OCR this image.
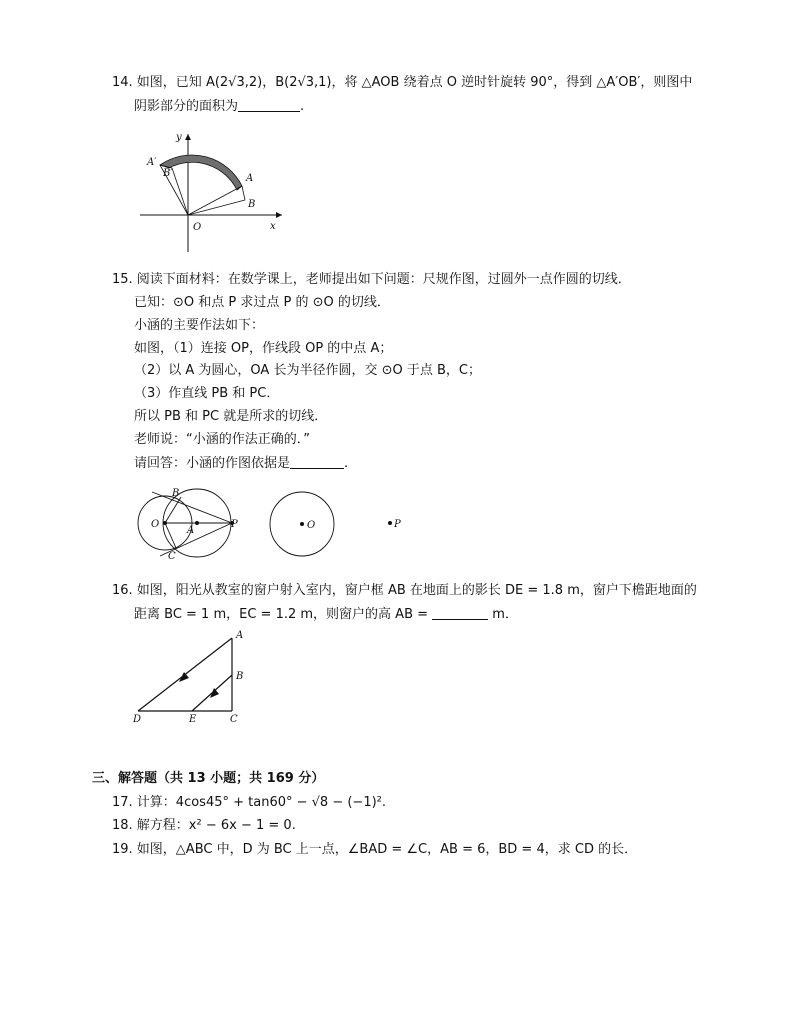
14. 如图，已知 A(2√3,2)，B(2√3,1)，将 △AOB 绕着点 O 逆时针旋转 90°，得到 △A′OB′，则图中
阴影部分的面积为	.
y
x
O
A
B
A′
B′
15. 阅读下面材料：在数学课上，老师提出如下问题：尺规作图，过圆外一点作圆的切线．
已知：⊙O 和点 P 求过点 P 的 ⊙O 的切线．
小涵的主要作法如下：
如图，（1）连接 OP，作线段 OP 的中点 A；
（2）以 A 为圆心，OA 长为半径作圆，交 ⊙O 于点 B，C；
（3）作直线 PB 和 PC．
所以 PB 和 PC 就是所求的切线．
老师说：“小涵的作法正确的．”
请回答：小涵的作图依据是	.
B
C
O
A
P	O	P
16. 如图，阳光从教室的窗户射入室内，窗户框 AB 在地面上的影长 DE = 1.8 m，窗户下檐距地面的
距离 BC = 1 m，EC = 1.2 m，则窗户的高 AB =	m．
A
B
C
D	E
三、解答题（共 13 小题；共 169 分）
17. 计算：4cos45° + tan60° − √8 − (−1)².
18. 解方程：x² − 6x − 1 = 0.
19. 如图，△ABC 中，D 为 BC 上一点，∠BAD = ∠C，AB = 6，BD = 4，求 CD 的长．
